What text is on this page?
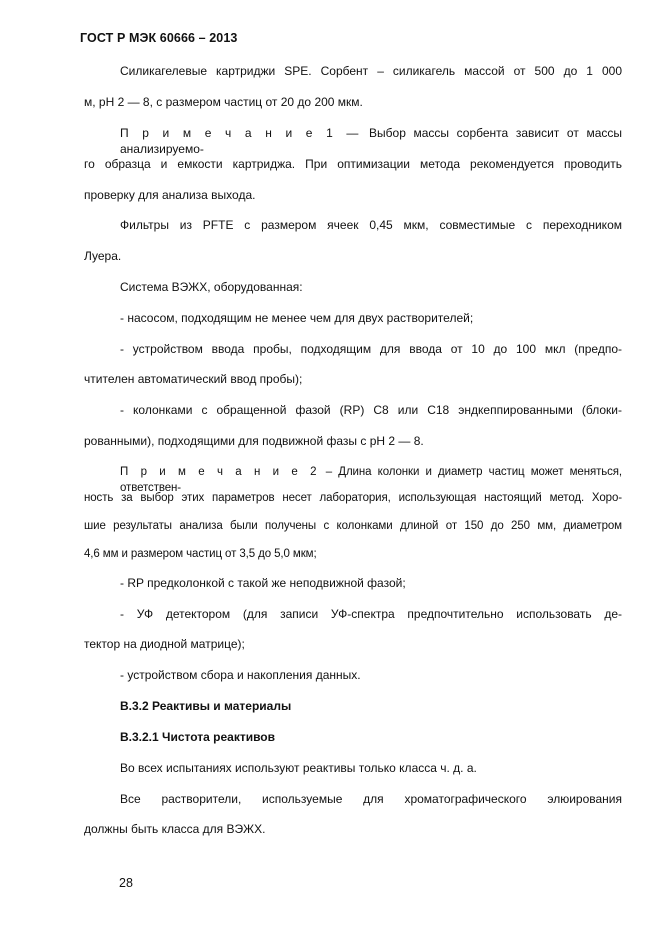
ГОСТ Р МЭК 60666 – 2013
Силикагелевые картриджи SPE. Сорбент – силикагель массой от 500 до 1 000
м, рН 2 — 8, с размером частиц от 20 до 200 мкм.
П р и м е ч а н и е 1 — Выбор массы сорбента зависит от массы анализируемо-
го образца и емкости картриджа. При оптимизации метода рекомендуется проводить
проверку для анализа выхода.
Фильтры из PFTE с размером ячеек 0,45 мкм, совместимые с переходником
Луера.
Система ВЭЖХ, оборудованная:
- насосом, подходящим не менее чем для двух растворителей;
- устройством ввода пробы, подходящим для ввода от 10 до 100 мкл (предпо-
чтителен автоматический ввод пробы);
- колонками с обращенной фазой (RP) C8 или C18 эндкеппированными (блоки-
рованными), подходящими для подвижной фазы с рН 2 — 8.
П р и м е ч а н и е 2 – Длина колонки и диаметр частиц может меняться, ответствен-
ность за выбор этих параметров несет лаборатория, использующая настоящий метод. Хоро-
шие результаты анализа были получены с колонками длиной от 150 до 250 мм, диаметром
4,6 мм и размером частиц от 3,5 до 5,0 мкм;
- RP предколонкой с такой же неподвижной фазой;
- УФ детектором (для записи УФ-спектра предпочтительно использовать де-
тектор на диодной матрице);
- устройством сбора и накопления данных.
B.3.2 Реактивы и материалы
B.3.2.1 Чистота реактивов
Во всех испытаниях используют реактивы только класса ч. д. а.
Все растворители, используемые для хроматографического элюирования
должны быть класса для ВЭЖХ.
28
